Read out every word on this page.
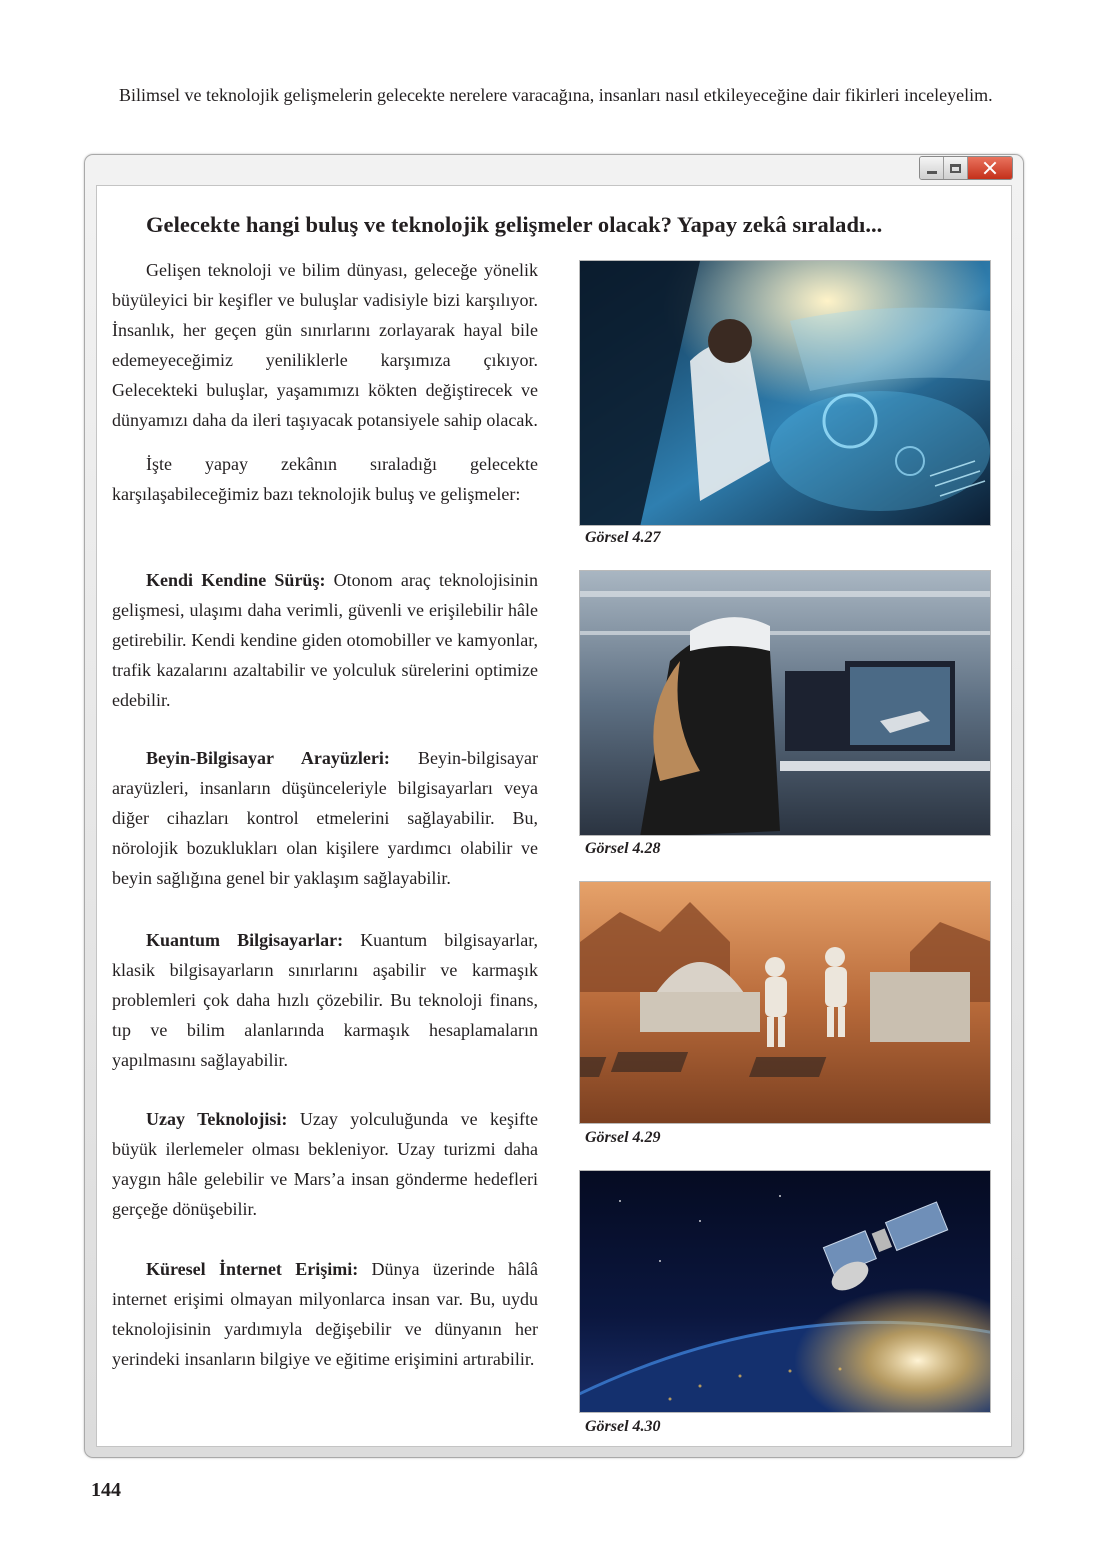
Bilimsel ve teknolojik gelişmelerin gelecekte nerelere varacağına, insanları nasıl etkileyeceğine dair fikirleri inceleyelim.

Gelecekte hangi buluş ve teknolojik gelişmeler olacak? Yapay zekâ sıraladı...

Gelişen teknoloji ve bilim dünyası, geleceğe yönelik büyüleyici bir keşifler ve buluşlar vadisiyle bizi karşılıyor. İnsanlık, her geçen gün sınırlarını zorlayarak hayal bile edemeyeceğimiz yeniliklerle karşımıza çıkıyor. Gelecekteki buluşlar, yaşamımızı kökten değiştirecek ve dünyamızı daha da ileri taşıyacak potansiyele sahip olacak.

İşte yapay zekânın sıraladığı gelecekte karşılaşabileceğimiz bazı teknolojik buluş ve gelişmeler:

Kendi Kendine Sürüş: Otonom araç teknolojisinin gelişmesi, ulaşımı daha verimli, güvenli ve erişilebilir hâle getirebilir. Kendi kendine giden otomobiller ve kamyonlar, trafik kazalarını azaltabilir ve yolculuk sürelerini optimize edebilir.

Beyin-Bilgisayar Arayüzleri: Beyin-bilgisayar arayüzleri, insanların düşünceleriyle bilgisayarları veya diğer cihazları kontrol etmelerini sağlayabilir. Bu, nörolojik bozuklukları olan kişilere yardımcı olabilir ve beyin sağlığına genel bir yaklaşım sağlayabilir.

Kuantum Bilgisayarlar: Kuantum bilgisayarlar, klasik bilgisayarların sınırlarını aşabilir ve karmaşık problemleri çok daha hızlı çözebilir. Bu teknoloji finans, tıp ve bilim alanlarında karmaşık hesaplamaların yapılmasını sağlayabilir.

Uzay Teknolojisi: Uzay yolculuğunda ve keşifte büyük ilerlemeler olması bekleniyor. Uzay turizmi daha yaygın hâle gelebilir ve Mars’a insan gönderme hedefleri gerçeğe dönüşebilir.

Küresel İnternet Erişimi: Dünya üzerinde hâlâ internet erişimi olmayan milyonlarca insan var. Bu, uydu teknolojisinin yardımıyla değişebilir ve dünyanın her yerindeki insanların bilgiye ve eğitime erişimini artırabilir.

Görsel 4.27
Görsel 4.28
Görsel 4.29
Görsel 4.30
144
